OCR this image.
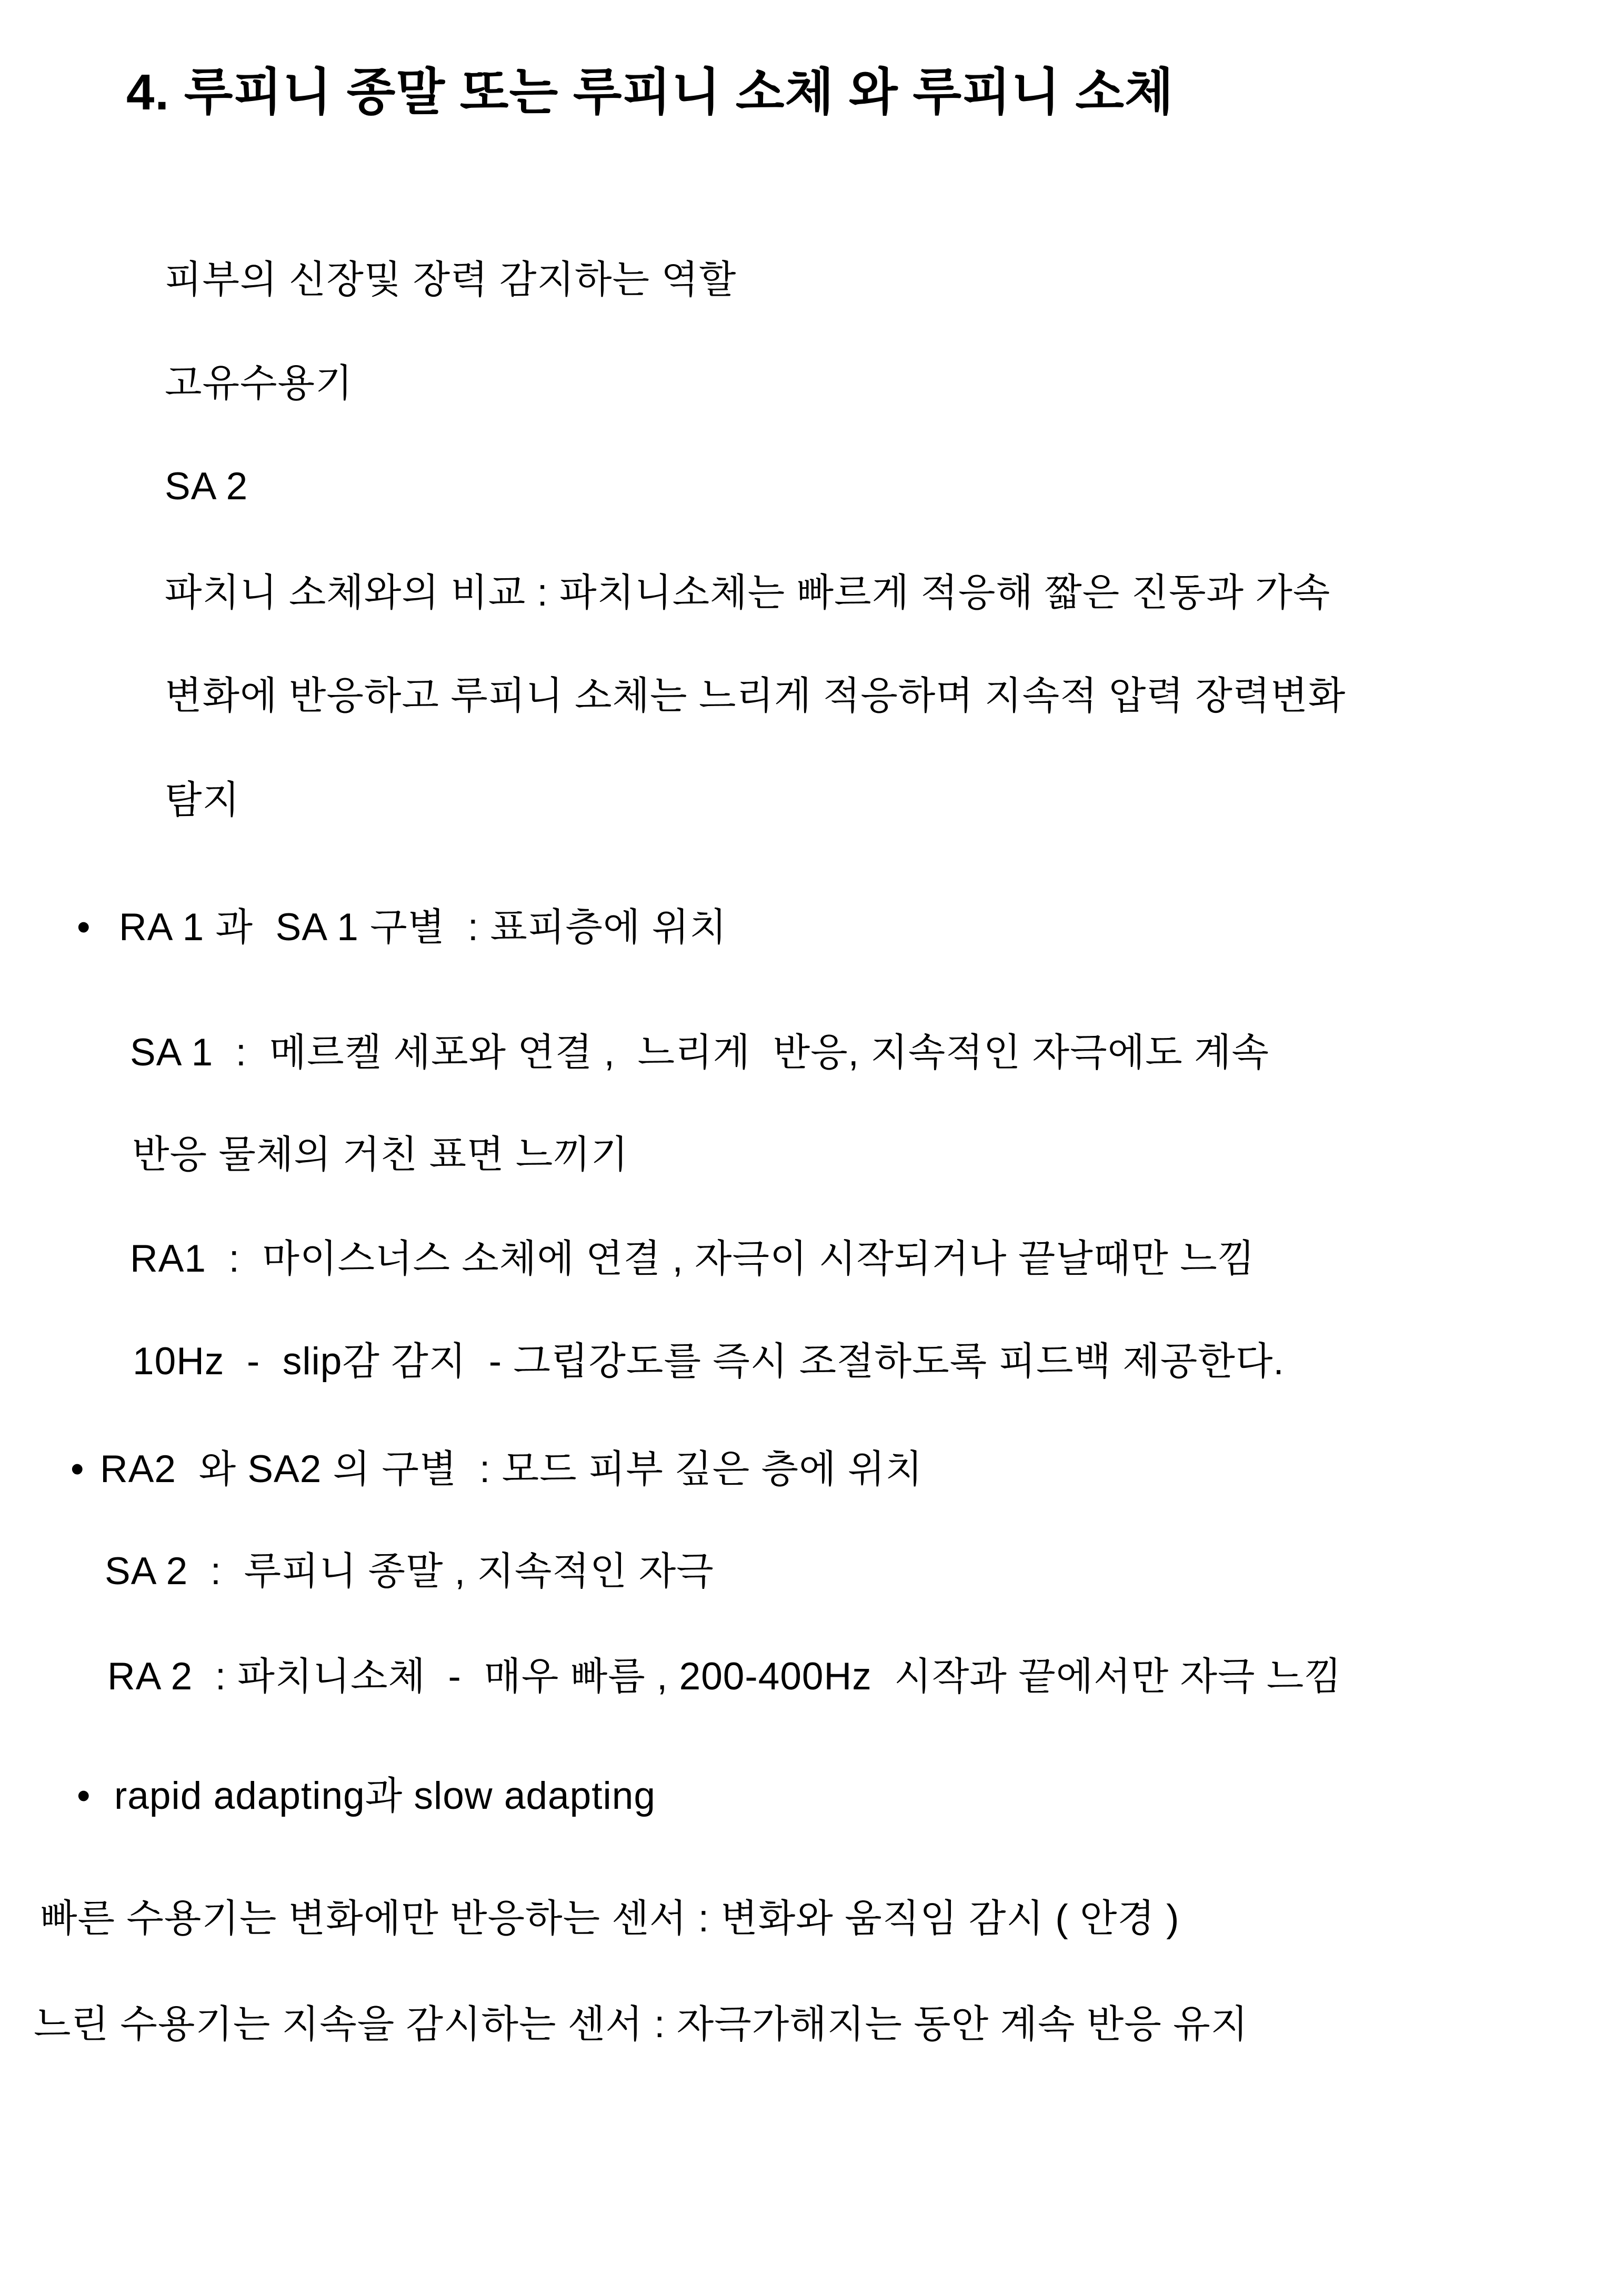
4. 루피니 종말 또는 루피니 소체 와 루피니 소체
피부의 신장및 장력 감지하는 역할
고유수용기
SA 2
파치니 소체와의 비교 : 파치니소체는 빠르게 적응해 짧은 진동과 가속
변화에 반응하고 루피니 소체는 느리게 적응하며 지속적 압력 장력변화
탐지
• RA 1 과  SA 1 구별  : 표피층에 위치
SA 1  :  메르켈 세포와 연결 ,  느리게  반응, 지속적인 자극에도 계속
반응 물체의 거친 표면 느끼기
RA1  :  마이스너스 소체에 연결 , 자극이 시작되거나 끝날때만 느낌
10Hz  -  slip감 감지  - 그립강도를 즉시 조절하도록 피드백 제공한다.
• RA2  와 SA2 의 구별  : 모드 피부 깊은 층에 위치
SA 2  :  루피니 종말 , 지속적인 자극
RA 2  : 파치니소체  -  매우 빠름 , 200-400Hz  시작과 끝에서만 자극 느낌
• rapid adapting과 slow adapting
빠른 수용기는 변화에만 반응하는 센서 : 변화와 움직임 감시 ( 안경 )
느린 수용기는 지속을 감시하는 센서 : 자극가해지는 동안 계속 반응 유지
